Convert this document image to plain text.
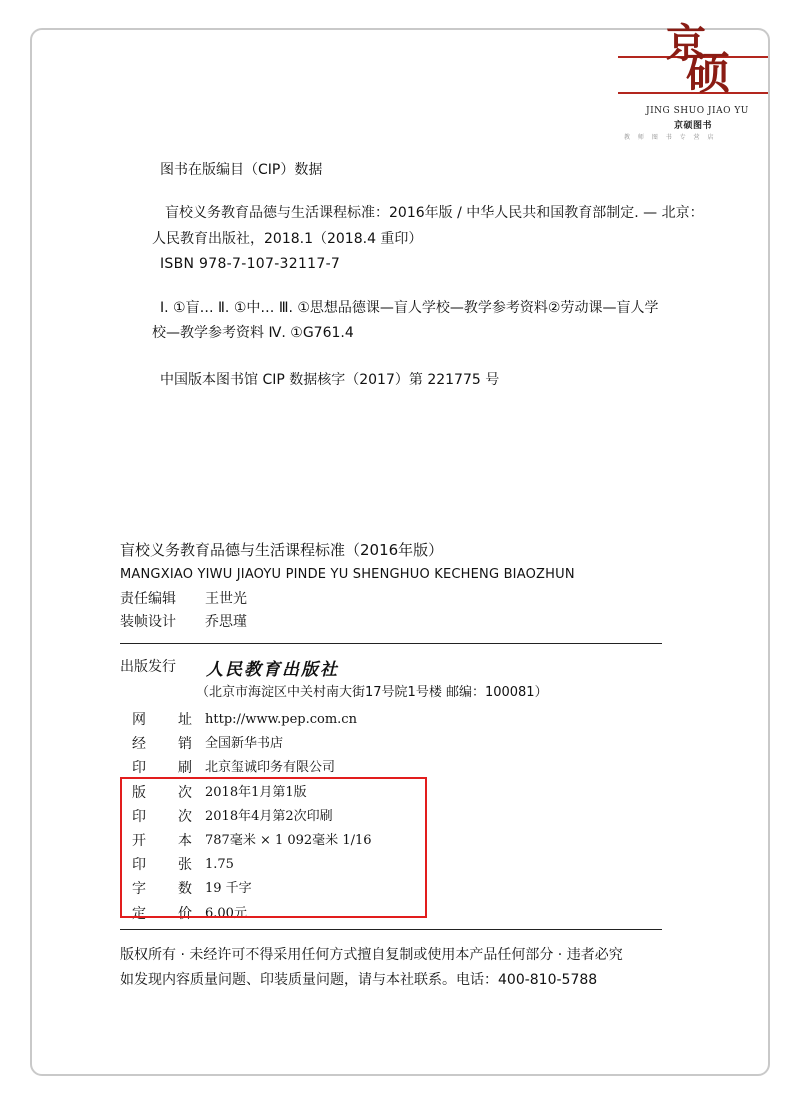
京
硕
JING SHUO JIAO YU
京硕图书
教 师 图 书 专 营 店
图书在版编目（CIP）数据
盲校义务教育品德与生活课程标准：2016年版 / 中华人民共和国教育部制定. — 北京：
人民教育出版社，2018.1（2018.4 重印）
ISBN 978-7-107-32117-7
Ⅰ. ①盲… Ⅱ. ①中… Ⅲ. ①思想品德课—盲人学校—教学参考资料②劳动课—盲人学
校—教学参考资料 Ⅳ. ①G761.4
中国版本图书馆 CIP 数据核字（2017）第 221775 号
盲校义务教育品德与生活课程标准（2016年版）
MANGXIAO YIWU JIAOYU PINDE YU SHENGHUO KECHENG BIAOZHUN
责任编辑 王世光
装帧设计 乔思瑾
出版发行 人民教育出版社
（北京市海淀区中关村南大街17号院1号楼 邮编：100081）
网 址 http://www.pep.com.cn
经 销 全国新华书店
印 刷 北京玺诚印务有限公司
版 次 2018年1月第1版
印 次 2018年4月第2次印刷
开 本 787毫米 × 1 092毫米 1/16
印 张 1.75
字 数 19 千字
定 价 6.00元
版权所有 · 未经许可不得采用任何方式擅自复制或使用本产品任何部分 · 违者必究
如发现内容质量问题、印装质量问题，请与本社联系。电话：400-810-5788
